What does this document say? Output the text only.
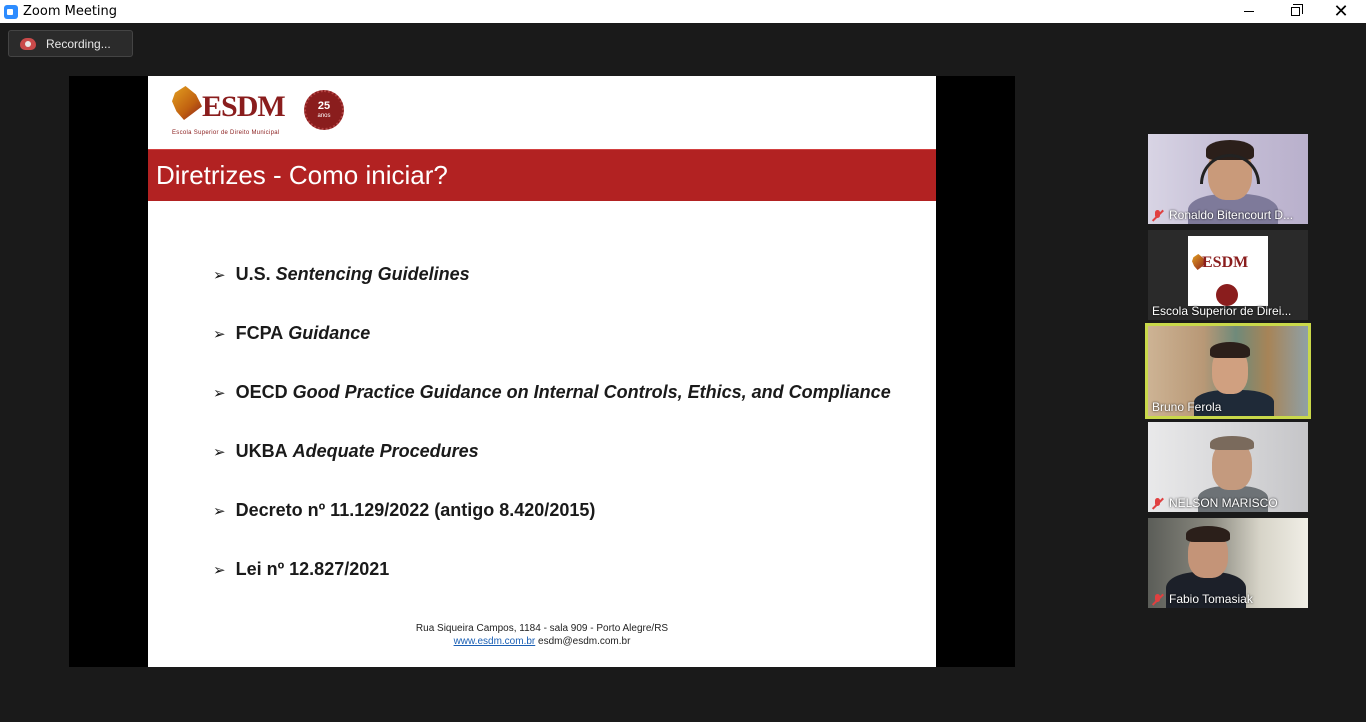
Zoom Meeting	✕
Recording...
ESDM
Escola Superior de Direito Municipal
25
anos
Diretrizes - Como iniciar?
➢ U.S. Sentencing Guidelines
➢ FCPA Guidance
➢ OECD Good Practice Guidance on Internal Controls, Ethics, and Compliance
➢ UKBA Adequate Procedures
➢ Decreto nº 11.129/2022 (antigo 8.420/2015)
➢ Lei nº 12.827/2021
Rua Siqueira Campos, 1184 - sala 909 - Porto Alegre/RS
www.esdm.com.br esdm@esdm.com.br
Ronaldo Bitencourt D...
ESDM
Escola Superior de Direi...
Bruno Ferola
NELSON MARISCO
Fabio Tomasiak
